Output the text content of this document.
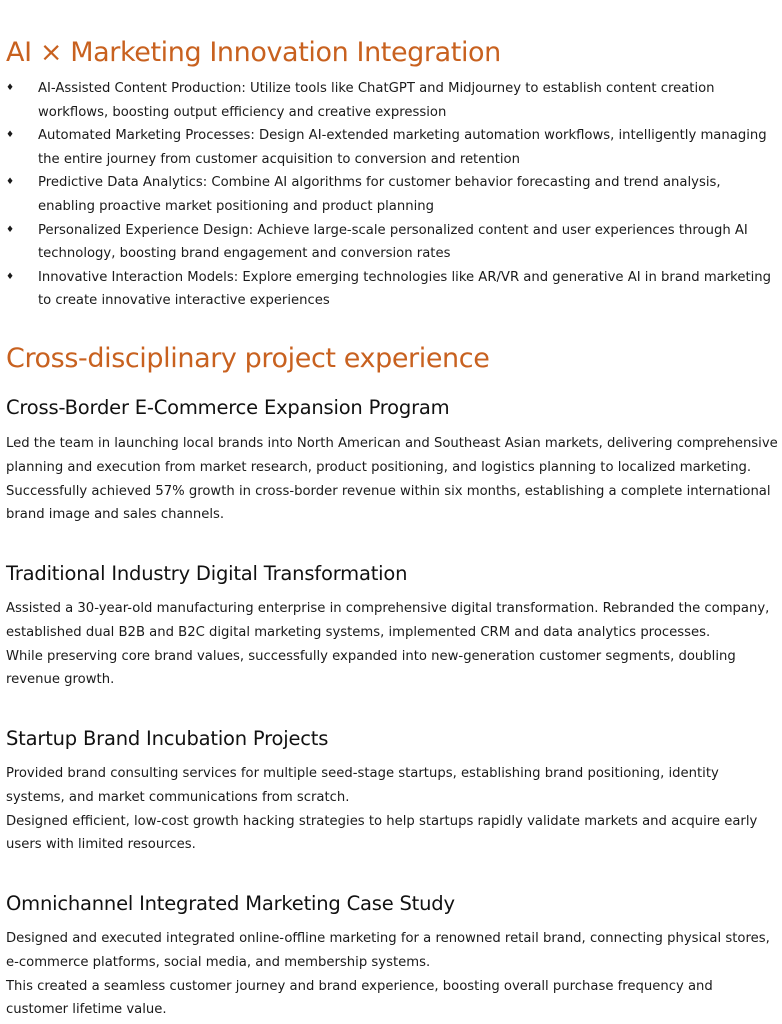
AI × Marketing Innovation Integration
♦ AI-Assisted Content Production: Utilize tools like ChatGPT and Midjourney to establish content creation workflows, boosting output efficiency and creative expression
♦ Automated Marketing Processes: Design AI-extended marketing automation workflows, intelligently managing the entire journey from customer acquisition to conversion and retention
♦ Predictive Data Analytics: Combine AI algorithms for customer behavior forecasting and trend analysis, enabling proactive market positioning and product planning
♦ Personalized Experience Design: Achieve large-scale personalized content and user experiences through AI technology, boosting brand engagement and conversion rates
♦ Innovative Interaction Models: Explore emerging technologies like AR/VR and generative AI in brand marketing to create innovative interactive experiences
Cross-disciplinary project experience
Cross-Border E-Commerce Expansion Program

Led the team in launching local brands into North American and Southeast Asian markets, delivering comprehensive planning and execution from market research, product positioning, and logistics planning to localized marketing. Successfully achieved 57% growth in cross-border revenue within six months, establishing a complete international brand image and sales channels.

Traditional Industry Digital Transformation

Assisted a 30-year-old manufacturing enterprise in comprehensive digital transformation. Rebranded the company, established dual B2B and B2C digital marketing systems, implemented CRM and data analytics processes.
While preserving core brand values, successfully expanded into new-generation customer segments, doubling revenue growth.

Startup Brand Incubation Projects

Provided brand consulting services for multiple seed-stage startups, establishing brand positioning, identity systems, and market communications from scratch.
Designed efficient, low-cost growth hacking strategies to help startups rapidly validate markets and acquire early users with limited resources.

Omnichannel Integrated Marketing Case Study

Designed and executed integrated online-offline marketing for a renowned retail brand, connecting physical stores, e-commerce platforms, social media, and membership systems.
This created a seamless customer journey and brand experience, boosting overall purchase frequency and customer lifetime value.
